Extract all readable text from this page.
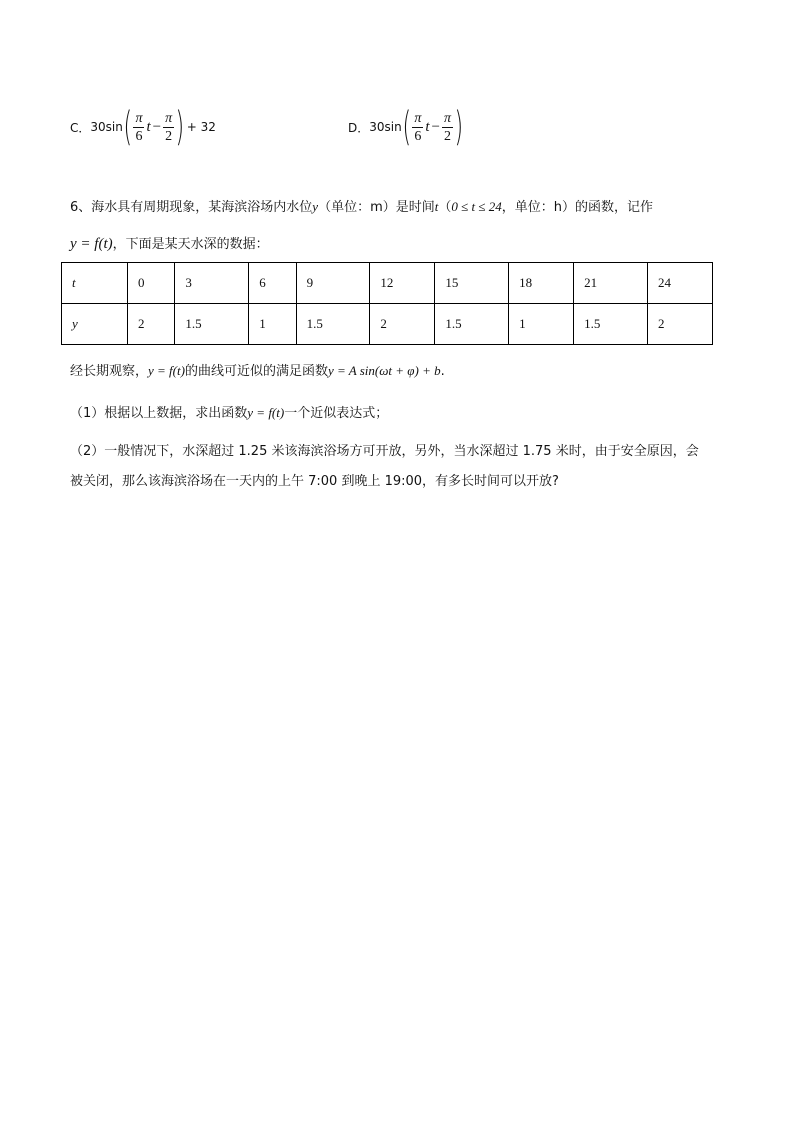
C． 30sin ( $\frac{\pi}{6}$ $t - \frac{\pi}{2}$ ) + 32	D． 30sin ( $\frac{\pi}{6}$ $t - \frac{\pi}{2}$ )
6、海水具有周期现象，某海滨浴场内水位y（单位：m）是时间t（0 ≤ t ≤ 24，单位：h）的函数，记作
y = f(t)，下面是某天水深的数据：
t	0	3	6	9	12	15	18	21	24
y	2	1.5	1	1.5	2	1.5	1	1.5	2
经长期观察，y = f(t)的曲线可近似的满足函数y = A sin(ωt + φ) + b.
（1）根据以上数据，求出函数y = f(t)一个近似表达式；
（2）一般情况下，水深超过 1.25 米该海滨浴场方可开放，另外，当水深超过 1.75 米时，由于安全原因，会
被关闭，那么该海滨浴场在一天内的上午 7:00 到晚上 19:00，有多长时间可以开放?
